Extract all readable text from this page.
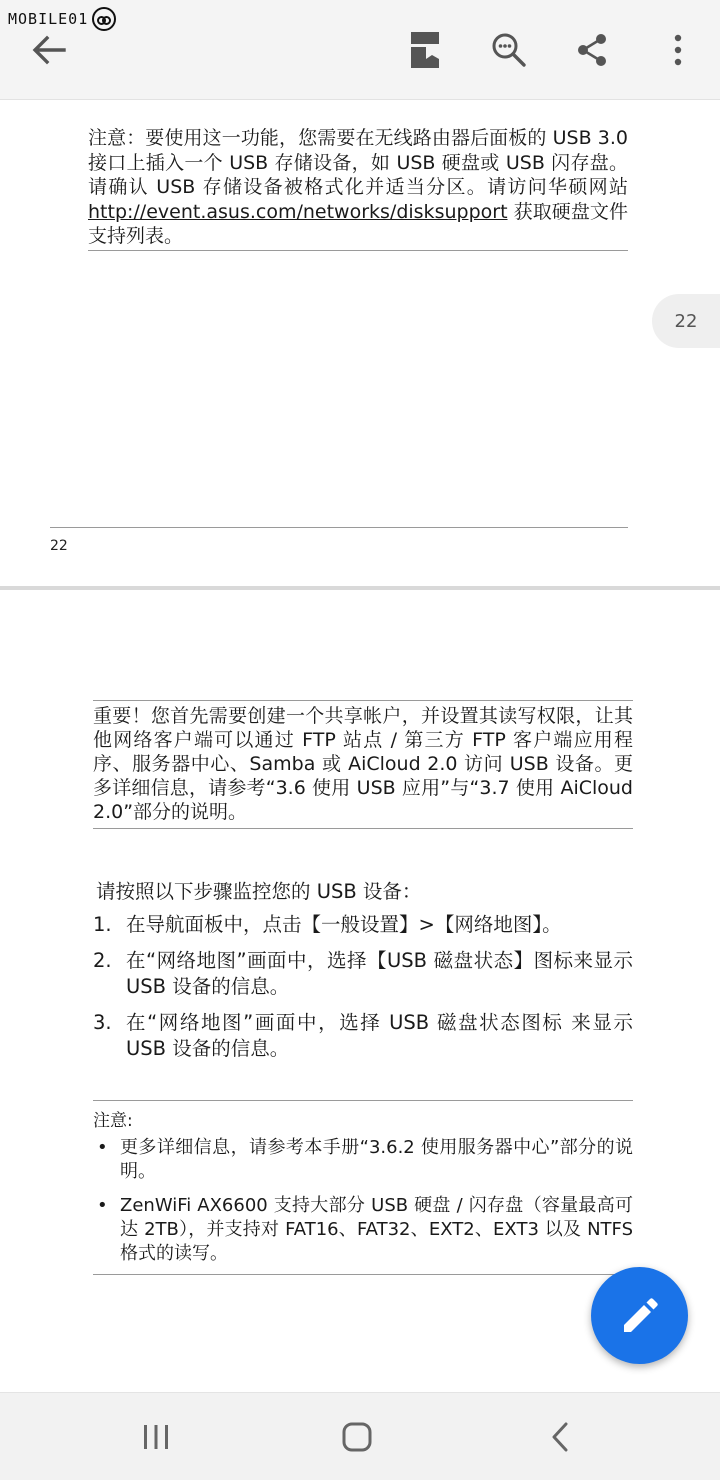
MOBILE01
注意：要使用这一功能，您需要在无线路由器后面板的 USB 3.0 接口上插入一个 USB 存储设备，如 USB 硬盘或 USB 闪存盘。请确认 USB 存储设备被格式化并适当分区。请访问华硕网站 http://event.asus.com/networks/disksupport 获取硬盘文件支持列表。
22
22
重要！您首先需要创建一个共享帐户，并设置其读写权限，让其他网络客户端可以通过 FTP 站点 / 第三方 FTP 客户端应用程序、服务器中心、Samba 或 AiCloud 2.0 访问 USB 设备。更多详细信息，请参考“3.6 使用 USB 应用”与“3.7 使用 AiCloud 2.0”部分的说明。
请按照以下步骤监控您的 USB 设备：
1. 在导航面板中，点击【一般设置】>【网络地图】。
2. 在“网络地图”画面中，选择【USB 磁盘状态】图标来显示 USB 设备的信息。
3. 在“网络地图”画面中，选择 USB 磁盘状态图标 来显示 USB 设备的信息。
注意:
• 更多详细信息，请参考本手册“3.6.2 使用服务器中心”部分的说明。
• ZenWiFi AX6600 支持大部分 USB 硬盘 / 闪存盘（容量最高可达 2TB），并支持对 FAT16、FAT32、EXT2、EXT3 以及 NTFS 格式的读写。
